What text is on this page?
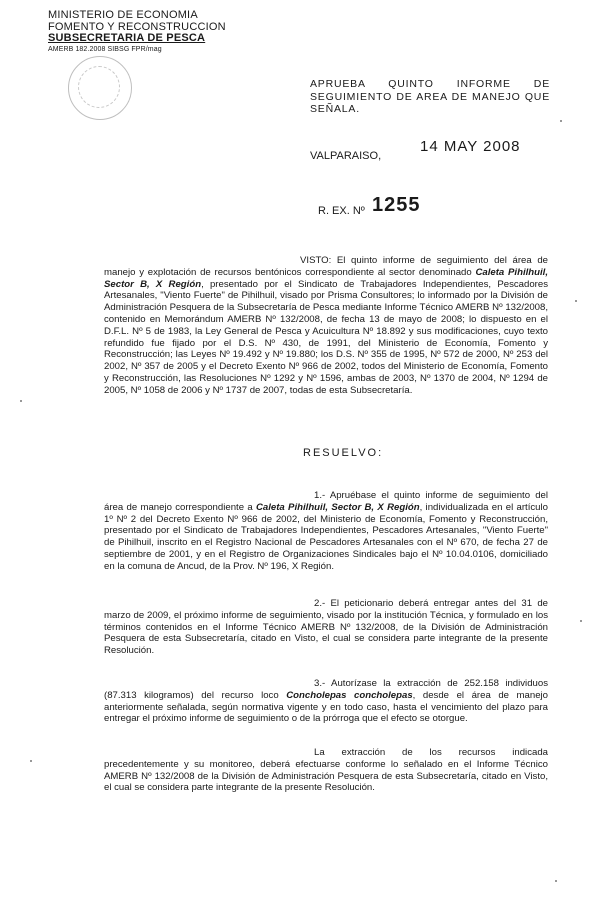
MINISTERIO DE ECONOMIA
FOMENTO Y RECONSTRUCCION
SUBSECRETARIA DE PESCA
AMERB 182.2008 SIBSG FPR/mag
APRUEBA QUINTO INFORME DE SEGUIMIENTO DE AREA DE MANEJO QUE SEÑALA.
VALPARAISO,
14 MAY 2008
R. EX. Nº 1255
VISTO: El quinto informe de seguimiento del área de manejo y explotación de recursos bentónicos correspondiente al sector denominado Caleta Pihilhuil, Sector B, X Región, presentado por el Sindicato de Trabajadores Independientes, Pescadores Artesanales, "Viento Fuerte" de Pihilhuil, visado por Prisma Consultores; lo informado por la División de Administración Pesquera de la Subsecretaría de Pesca mediante Informe Técnico AMERB Nº 132/2008, contenido en Memorándum AMERB Nº 132/2008, de fecha 13 de mayo de 2008; lo dispuesto en el D.F.L. Nº 5 de 1983, la Ley General de Pesca y Acuicultura Nº 18.892 y sus modificaciones, cuyo texto refundido fue fijado por el D.S. Nº 430, de 1991, del Ministerio de Economía, Fomento y Reconstrucción; las Leyes Nº 19.492 y Nº 19.880; los D.S. Nº 355 de 1995, Nº 572 de 2000, Nº 253 del 2002, Nº 357 de 2005 y el Decreto Exento Nº 966 de 2002, todos del Ministerio de Economía, Fomento y Reconstrucción, las Resoluciones Nº 1292 y Nº 1596, ambas de 2003, Nº 1370 de 2004, Nº 1294 de 2005, Nº 1058 de 2006 y Nº 1737 de 2007, todas de esta Subsecretaría.
RESUELVO:
1.- Apruébase el quinto informe de seguimiento del área de manejo correspondiente a Caleta Pihilhuil, Sector B, X Región, individualizada en el artículo 1º Nº 2 del Decreto Exento Nº 966 de 2002, del Ministerio de Economía, Fomento y Reconstrucción, presentado por el Sindicato de Trabajadores Independientes, Pescadores Artesanales, "Viento Fuerte" de Pihilhuil, inscrito en el Registro Nacional de Pescadores Artesanales con el Nº 670, de fecha 27 de septiembre de 2001, y en el Registro de Organizaciones Sindicales bajo el Nº 10.04.0106, domiciliado en la comuna de Ancud, de la Prov. Nº 196, X Región.
2.- El peticionario deberá entregar antes del 31 de marzo de 2009, el próximo informe de seguimiento, visado por la institución Técnica, y formulado en los términos contenidos en el Informe Técnico AMERB Nº 132/2008, de la División de Administración Pesquera de esta Subsecretaría, citado en Visto, el cual se considera parte integrante de la presente Resolución.
3.- Autorízase la extracción de 252.158 individuos (87.313 kilogramos) del recurso loco Concholepas concholepas, desde el área de manejo anteriormente señalada, según normativa vigente y en todo caso, hasta el vencimiento del plazo para entregar el próximo informe de seguimiento o de la prórroga que el efecto se otorgue.
La extracción de los recursos indicada precedentemente y su monitoreo, deberá efectuarse conforme lo señalado en el Informe Técnico AMERB Nº 132/2008 de la División de Administración Pesquera de esta Subsecretaría, citado en Visto, el cual se considera parte integrante de la presente Resolución.
